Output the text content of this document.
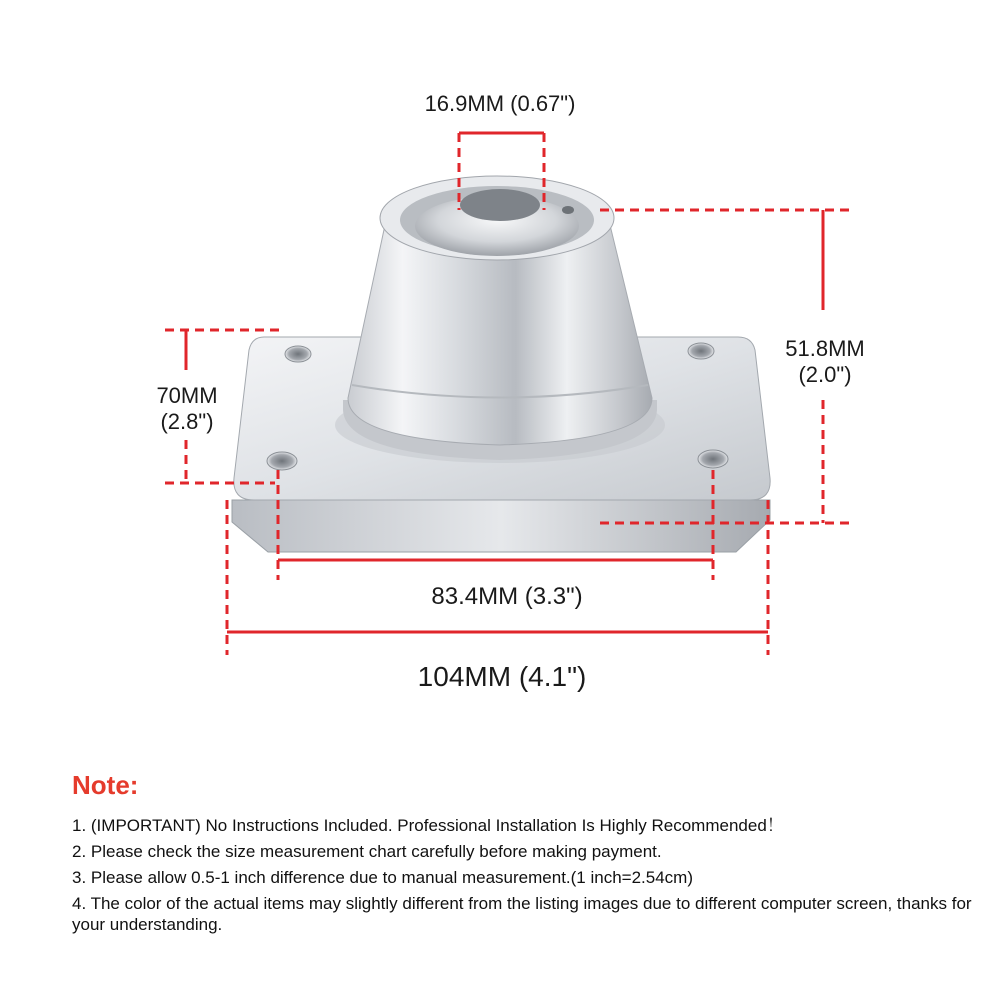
16.9MM (0.67")
51.8MM
(2.0")
70MM
(2.8")
83.4MM (3.3")
104MM (4.1")
Note:
1. (IMPORTANT) No Instructions Included. Professional Installation Is Highly Recommended！
2. Please check the size measurement chart carefully before making payment.
3. Please allow 0.5-1 inch difference due to manual measurement.(1 inch=2.54cm)
4. The color of the actual items may slightly different from the listing images due to different computer screen, thanks for your understanding.
